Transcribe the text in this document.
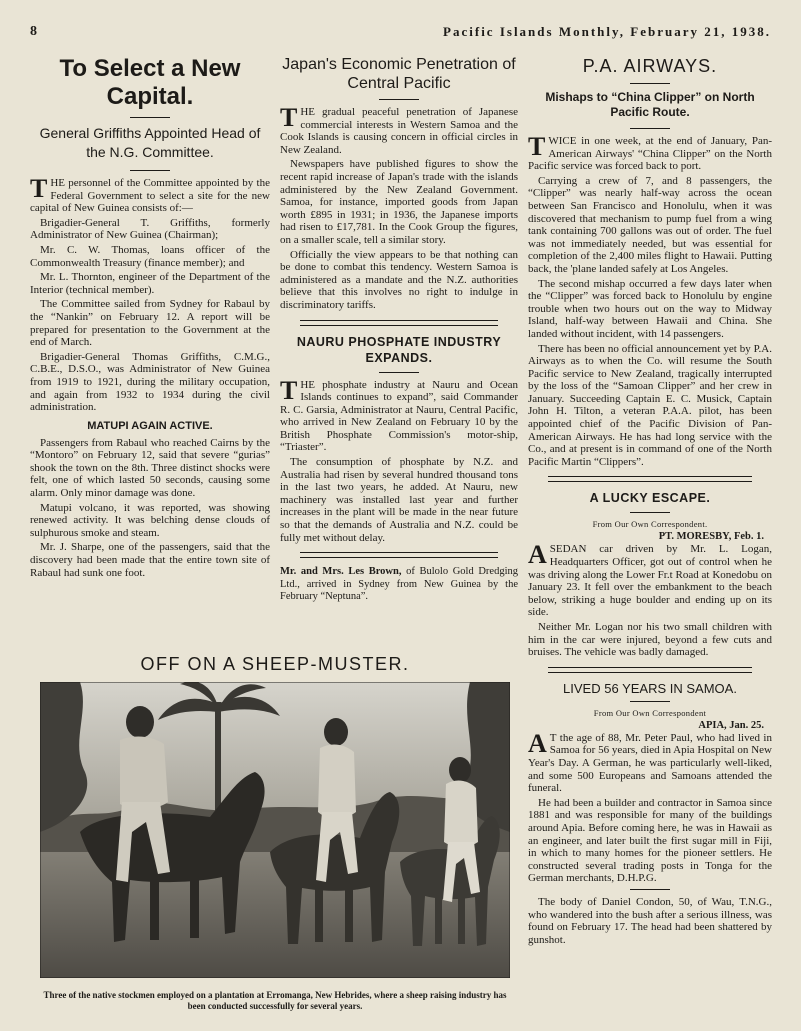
8	Pacific Islands Monthly, February 21, 1938.
To Select a New Capital.
General Griffiths Appointed Head of the N.G. Committee.

THE personnel of the Committee appointed by the Federal Government to select a site for the new capital of New Guinea consists of:—

Brigadier-General T. Griffiths, formerly Administrator of New Guinea (Chairman);

Mr. C. W. Thomas, loans officer of the Commonwealth Treasury (finance member); and

Mr. L. Thornton, engineer of the Department of the Interior (technical member).

The Committee sailed from Sydney for Rabaul by the “Nankin” on February 12. A report will be prepared for presentation to the Government at the end of March.

Brigadier-General Thomas Griffiths, C.M.G., C.B.E., D.S.O., was Administrator of New Guinea from 1919 to 1921, during the military occupation, and again from 1932 to 1934 during the civil administration.

MATUPI AGAIN ACTIVE.

Passengers from Rabaul who reached Cairns by the “Montoro” on February 12, said that severe “gurias” shook the town on the 8th. Three distinct shocks were felt, one of which lasted 50 seconds, causing some alarm. Only minor damage was done.

Matupi volcano, it was reported, was showing renewed activity. It was belching dense clouds of sulphurous smoke and steam.

Mr. J. Sharpe, one of the passengers, said that the discovery had been made that the entire town site of Rabaul had sunk one foot.

Japan's Economic Penetration of Central Pacific

THE gradual peaceful penetration of Japanese commercial interests in Western Samoa and the Cook Islands is causing concern in official circles in New Zealand.

Newspapers have published figures to show the recent rapid increase of Japan's trade with the islands administered by the New Zealand Government. Samoa, for instance, imported goods from Japan worth £895 in 1931; in 1936, the Japanese imports had risen to £17,781. In the Cook Group the figures, on a smaller scale, tell a similar story.

Officially the view appears to be that nothing can be done to combat this tendency. Western Samoa is administered as a mandate and the N.Z. authorities believe that this involves no right to indulge in discriminatory tariffs.

NAURU PHOSPHATE INDUSTRY EXPANDS.

THE phosphate industry at Nauru and Ocean Islands continues to expand”, said Commander R. C. Garsia, Administrator at Nauru, Central Pacific, who arrived in New Zealand on February 10 by the British Phosphate Commission's motor-ship, “Triaster”.

The consumption of phosphate by N.Z. and Australia had risen by several hundred thousand tons in the last two years, he added. At Nauru, new machinery was installed last year and further increases in the plant will be made in the near future so that the demands of Australia and N.Z. could be fully met without delay.

Mr. and Mrs. Les Brown, of Bulolo Gold Dredging Ltd., arrived in Sydney from New Guinea by the February “Neptuna”.
P.A. AIRWAYS.
Mishaps to “China Clipper” on North Pacific Route.

TWICE in one week, at the end of January, Pan-American Airways' “China Clipper” on the North Pacific service was forced back to port.

Carrying a crew of 7, and 8 passengers, the “Clipper” was nearly half-way across the ocean between San Francisco and Honolulu, when it was discovered that mechanism to pump fuel from a wing tank containing 700 gallons was out of order. The fuel was not immediately needed, but was essential for completion of the 2,400 miles flight to Hawaii. Putting back, the 'plane landed safely at Los Angeles.

The second mishap occurred a few days later when the “Clipper” was forced back to Honolulu by engine trouble when two hours out on the way to Midway Island, half-way between Hawaii and China. She landed without incident, with 14 passengers.

There has been no official announcement yet by P.A. Airways as to when the Co. will resume the South Pacific service to New Zealand, tragically interrupted by the loss of the “Samoan Clipper” and her crew in January. Succeeding Captain E. C. Musick, Captain John H. Tilton, a veteran P.A.A. pilot, has been appointed chief of the Pacific Division of Pan-American Airways. He has had long service with the Co., and at present is in command of one of the North Pacific Martin “Clippers”.

A LUCKY ESCAPE.
From Our Own Correspondent.
PT. MORESBY, Feb. 1.

ASEDAN car driven by Mr. L. Logan, Headquarters Officer, got out of control when he was driving along the Lower Fr.t Road at Konedobu on January 23. It fell over the embankment to the beach below, striking a huge boulder and ending up on its side.

Neither Mr. Logan nor his two small children with him in the car were injured, beyond a few cuts and bruises. The vehicle was badly damaged.

LIVED 56 YEARS IN SAMOA.
From Our Own Correspondent
APIA, Jan. 25.

A T the age of 88, Mr. Peter Paul, who had lived in Samoa for 56 years, died in Apia Hospital on New Year's Day. A German, he was particularly well-liked, and some 500 Europeans and Samoans attended the funeral.

He had been a builder and contractor in Samoa since 1881 and was responsible for many of the buildings around Apia. Before coming here, he was in Hawaii as an engineer, and later built the first sugar mill in Fiji, in which to many homes for the pioneer settlers. He constructed several trading posts in Tonga for the German merchants, D.H.P.G.

The body of Daniel Condon, 50, of Wau, T.N.G., who wandered into the bush after a serious illness, was found on February 17. The head had been shattered by gunshot.

OFF ON A SHEEP-MUSTER.
Three of the native stockmen employed on a plantation at Erromanga, New Hebrides, where a sheep raising industry has been conducted successfully for several years.
